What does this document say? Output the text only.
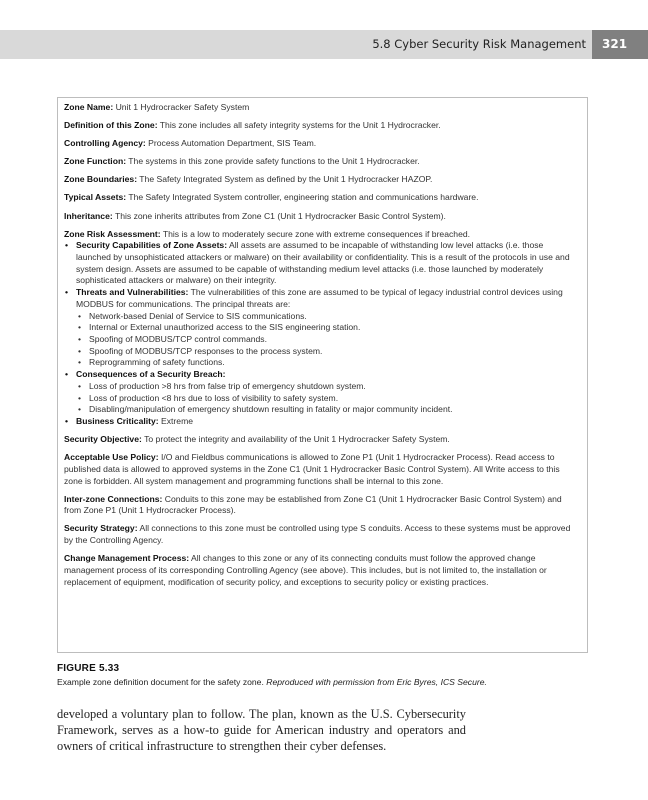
5.8 Cyber Security Risk Management	321

Zone Name: Unit 1 Hydrocracker Safety System

Definition of this Zone: This zone includes all safety integrity systems for the Unit 1 Hydrocracker.

Controlling Agency: Process Automation Department, SIS Team.

Zone Function: The systems in this zone provide safety functions to the Unit 1 Hydrocracker.

Zone Boundaries: The Safety Integrated System as defined by the Unit 1 Hydrocracker HAZOP.

Typical Assets: The Safety Integrated System controller, engineering station and communications hardware.

Inheritance: This zone inherits attributes from Zone C1 (Unit 1 Hydrocracker Basic Control System).

Zone Risk Assessment: This is a low to moderately secure zone with extreme consequences if breached.

• Security Capabilities of Zone Assets: All assets are assumed to be incapable of withstanding low level attacks (i.e. those launched by unsophisticated attackers or malware) on their availability or confidentiality. This is a result of the protocols in use and system design. Assets are assumed to be capable of withstanding medium level attacks (i.e. those launched by moderately sophisticated attackers or malware) on their integrity.
• Threats and Vulnerabilities: The vulnerabilities of this zone are assumed to be typical of legacy industrial control devices using MODBUS for communications. The principal threats are:
• Network-based Denial of Service to SIS communications.
• Internal or External unauthorized access to the SIS engineering station.
• Spoofing of MODBUS/TCP control commands.
• Spoofing of MODBUS/TCP responses to the process system.
• Reprogramming of safety functions.
• Consequences of a Security Breach:
• Loss of production >8 hrs from false trip of emergency shutdown system.
• Loss of production <8 hrs due to loss of visibility to safety system.
• Disabling/manipulation of emergency shutdown resulting in fatality or major community incident.
• Business Criticality: Extreme

Security Objective: To protect the integrity and availability of the Unit 1 Hydrocracker Safety System.

Acceptable Use Policy: I/O and Fieldbus communications is allowed to Zone P1 (Unit 1 Hydrocracker Process). Read access to published data is allowed to approved systems in the Zone C1 (Unit 1 Hydrocracker Basic Control System). All Write access to this zone is forbidden. All system management and programming functions shall be internal to this zone.

Inter-zone Connections: Conduits to this zone may be established from Zone C1 (Unit 1 Hydrocracker Basic Control System) and from Zone P1 (Unit 1 Hydrocracker Process).

Security Strategy: All connections to this zone must be controlled using type S conduits. Access to these systems must be approved by the Controlling Agency.

Change Management Process: All changes to this zone or any of its connecting conduits must follow the approved change management process of its corresponding Controlling Agency (see above). This includes, but is not limited to, the installation or replacement of equipment, modification of security policy, and exceptions to security policy or existing practices.

FIGURE 5.33
Example zone definition document for the safety zone. Reproduced with permission from Eric Byres, ICS Secure.
developed a voluntary plan to follow. The plan, known as the U.S. Cybersecurity Framework, serves as a how-to guide for American industry and operators and owners of critical infrastructure to strengthen their cyber defenses.
